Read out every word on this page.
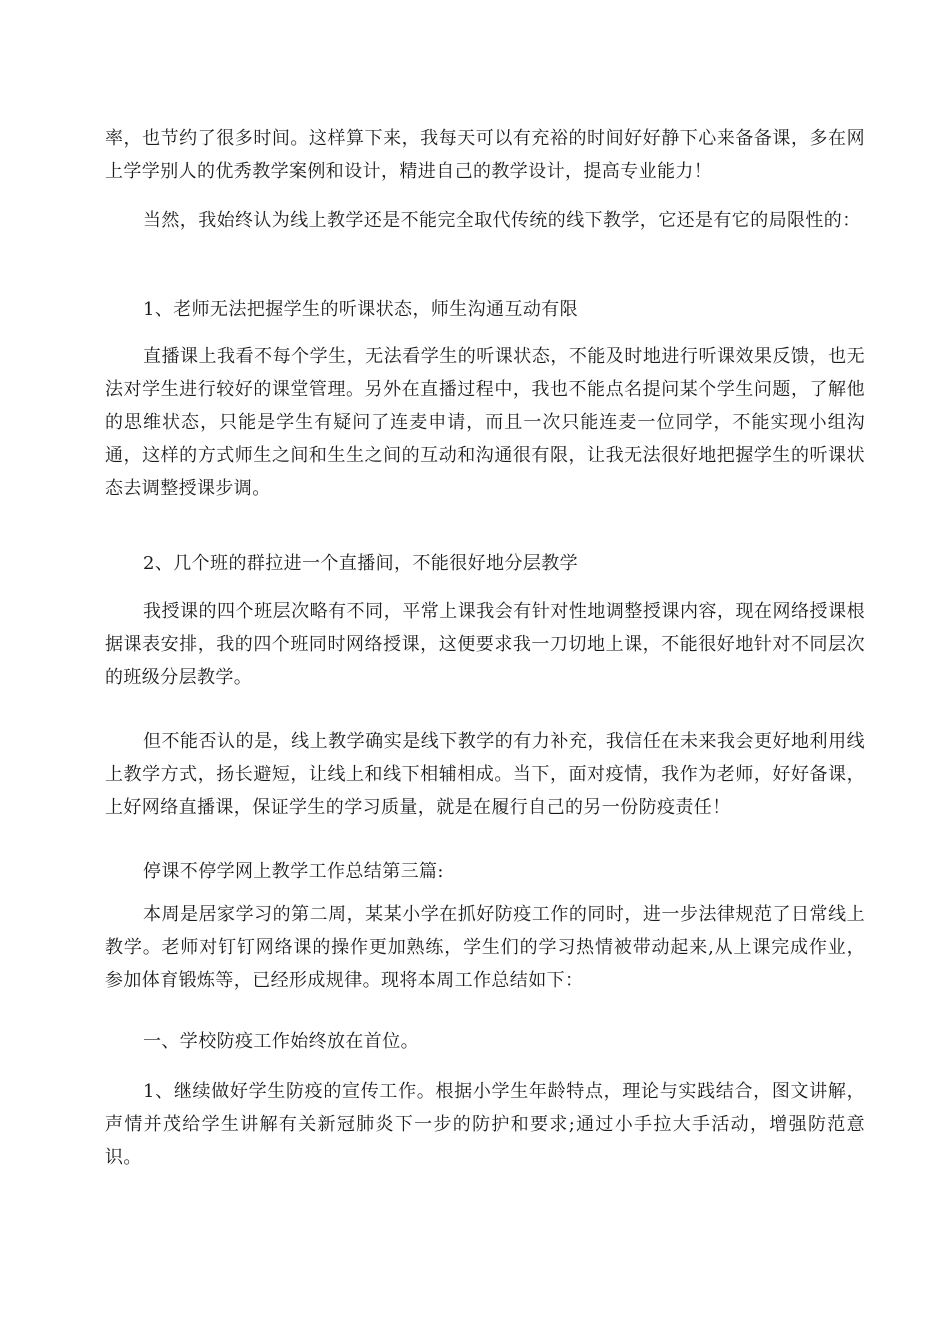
率，也节约了很多时间。这样算下来，我每天可以有充裕的时间好好静下心来备备课，多在网上学学别人的优秀教学案例和设计，精进自己的教学设计，提高专业能力！

当然，我始终认为线上教学还是不能完全取代传统的线下教学，它还是有它的局限性的：

1、老师无法把握学生的听课状态，师生沟通互动有限

直播课上我看不每个学生，无法看学生的听课状态，不能及时地进行听课效果反馈，也无法对学生进行较好的课堂管理。另外在直播过程中，我也不能点名提问某个学生问题，了解他的思维状态，只能是学生有疑问了连麦申请，而且一次只能连麦一位同学，不能实现小组沟通，这样的方式师生之间和生生之间的互动和沟通很有限，让我无法很好地把握学生的听课状态去调整授课步调。

2、几个班的群拉进一个直播间，不能很好地分层教学

我授课的四个班层次略有不同，平常上课我会有针对性地调整授课内容，现在网络授课根据课表安排，我的四个班同时网络授课，这便要求我一刀切地上课，不能很好地针对不同层次的班级分层教学。

但不能否认的是，线上教学确实是线下教学的有力补充，我信任在未来我会更好地利用线上教学方式，扬长避短，让线上和线下相辅相成。当下，面对疫情，我作为老师，好好备课，上好网络直播课，保证学生的学习质量，就是在履行自己的另一份防疫责任！

停课不停学网上教学工作总结第三篇:

本周是居家学习的第二周，某某小学在抓好防疫工作的同时，进一步法律规范了日常线上教学。老师对钉钉网络课的操作更加熟练，学生们的学习热情被带动起来,从上课完成作业，参加体育锻炼等，已经形成规律。现将本周工作总结如下：

一、学校防疫工作始终放在首位。

1、继续做好学生防疫的宣传工作。根据小学生年龄特点，理论与实践结合，图文讲解，声情并茂给学生讲解有关新冠肺炎下一步的防护和要求;通过小手拉大手活动，增强防范意识。
